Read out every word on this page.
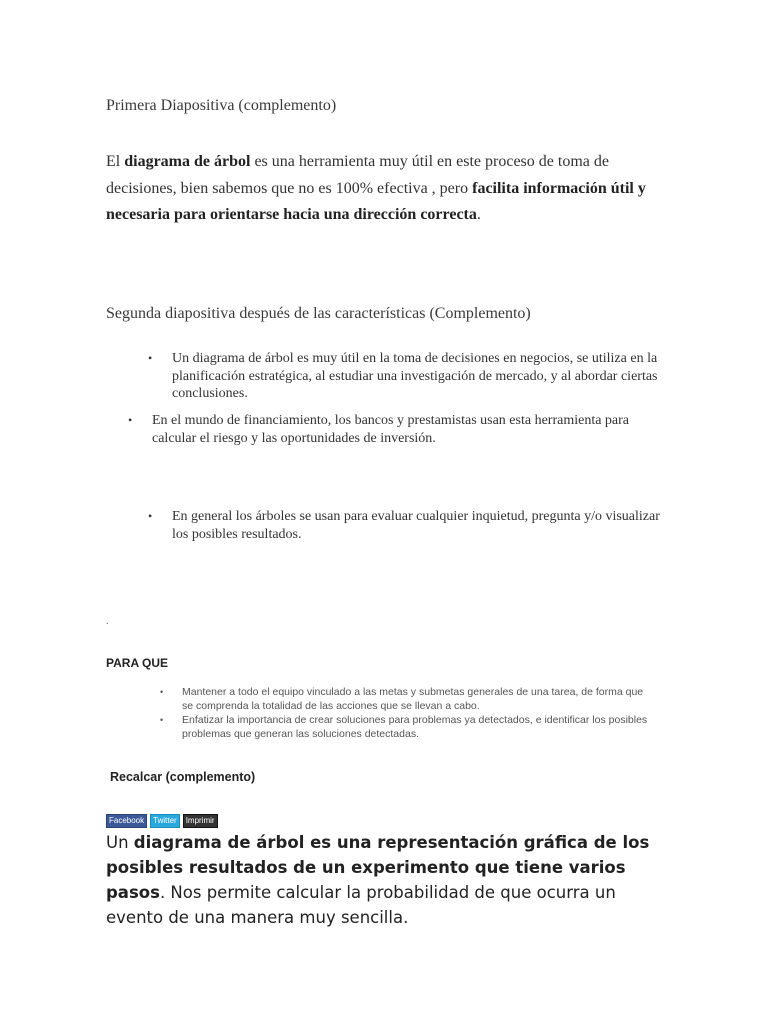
Primera Diapositiva (complemento)
El diagrama de árbol es una herramienta muy útil en este proceso de toma de decisiones, bien sabemos que no es 100% efectiva , pero facilita información útil y necesaria para orientarse hacia una dirección correcta.
Segunda diapositiva después de las características (Complemento)
• Un diagrama de árbol es muy útil en la toma de decisiones en negocios, se utiliza en la planificación estratégica, al estudiar una investigación de mercado, y al abordar ciertas conclusiones.
• En el mundo de financiamiento, los bancos y prestamistas usan esta herramienta para calcular el riesgo y las oportunidades de inversión.
• En general los árboles se usan para evaluar cualquier inquietud, pregunta y/o visualizar los posibles resultados.
.
PARA QUE
• Mantener a todo el equipo vinculado a las metas y submetas generales de una tarea, de forma que se comprenda la totalidad de las acciones que se llevan a cabo.
• Enfatizar la importancia de crear soluciones para problemas ya detectados, e identificar los posibles problemas que generan las soluciones detectadas.
Recalcar (complemento)
Facebook	Twitter	Imprimir
Un diagrama de árbol es una representación gráfica de los posibles resultados de un experimento que tiene varios pasos. Nos permite calcular la probabilidad de que ocurra un evento de una manera muy sencilla.
